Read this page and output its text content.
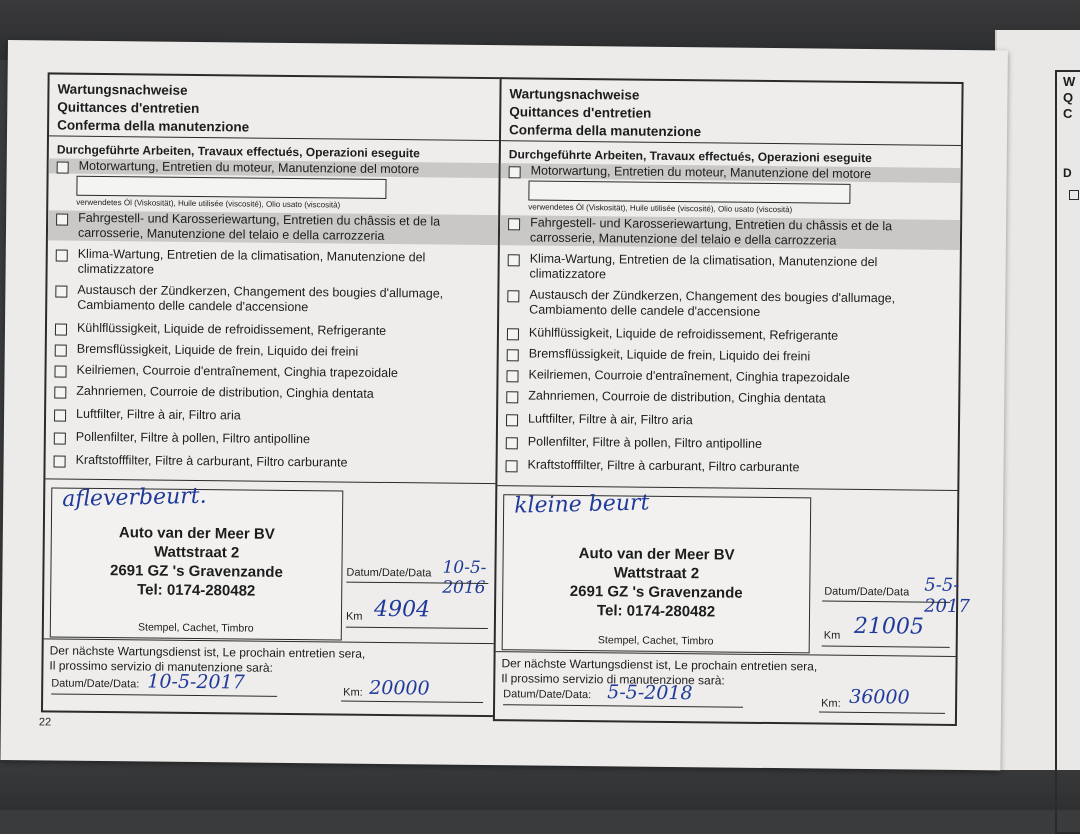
W
Q
C
D
Wartungsnachweise
Quittances d'entretien
Conferma della manutenzione
Durchgeführte Arbeiten, Travaux effectués, Operazioni eseguite
Motorwartung, Entretien du moteur, Manutenzione del motore
verwendetes Öl (Viskosität), Huile utilisée (viscosité), Olio usato (viscosità)
Fahrgestell- und Karosseriewartung, Entretien du châssis et de la carrosserie, Manutenzione del telaio e della carrozzeria
Klima-Wartung, Entretien de la climatisation, Manutenzione del climatizzatore
Austausch der Zündkerzen, Changement des bougies d'allumage, Cambiamento delle candele d'accensione
Kühlflüssigkeit, Liquide de refroidissement, Refrigerante
Bremsflüssigkeit, Liquide de frein, Liquido dei freini
Keilriemen, Courroie d'entraînement, Cinghia trapezoidale
Zahnriemen, Courroie de distribution, Cinghia dentata
Luftfilter, Filtre à air, Filtro aria
Pollenfilter, Filtre à pollen, Filtro antipolline
Kraftstofffilter, Filtre à carburant, Filtro carburante
afleverbeurt.
Auto van der Meer BV
Wattstraat 2
2691 GZ 's Gravenzande
Tel: 0174-280482
Stempel, Cachet, Timbro
Datum/Date/Data 10-5-2016
Km 4904
Der nächste Wartungsdienst ist, Le prochain entretien sera,
Il prossimo servizio di manutenzione sarà:
Datum/Date/Data: 10-5-2017	Km: 20000
Wartungsnachweise
Quittances d'entretien
Conferma della manutenzione
Durchgeführte Arbeiten, Travaux effectués, Operazioni eseguite
Motorwartung, Entretien du moteur, Manutenzione del motore
verwendetes Öl (Viskosität), Huile utilisée (viscosité), Olio usato (viscosità)
Fahrgestell- und Karosseriewartung, Entretien du châssis et de la carrosserie, Manutenzione del telaio e della carrozzeria
Klima-Wartung, Entretien de la climatisation, Manutenzione del climatizzatore
Austausch der Zündkerzen, Changement des bougies d'allumage, Cambiamento delle candele d'accensione
Kühlflüssigkeit, Liquide de refroidissement, Refrigerante
Bremsflüssigkeit, Liquide de frein, Liquido dei freini
Keilriemen, Courroie d'entraînement, Cinghia trapezoidale
Zahnriemen, Courroie de distribution, Cinghia dentata
Luftfilter, Filtre à air, Filtro aria
Pollenfilter, Filtre à pollen, Filtro antipolline
Kraftstofffilter, Filtre à carburant, Filtro carburante
kleine beurt
Auto van der Meer BV
Wattstraat 2
2691 GZ 's Gravenzande
Tel: 0174-280482
Stempel, Cachet, Timbro
Datum/Date/Data 5-5-2017
Km 21005
Der nächste Wartungsdienst ist, Le prochain entretien sera,
Il prossimo servizio di manutenzione sarà:
Datum/Date/Data: 5-5-2018	Km: 36000
22
